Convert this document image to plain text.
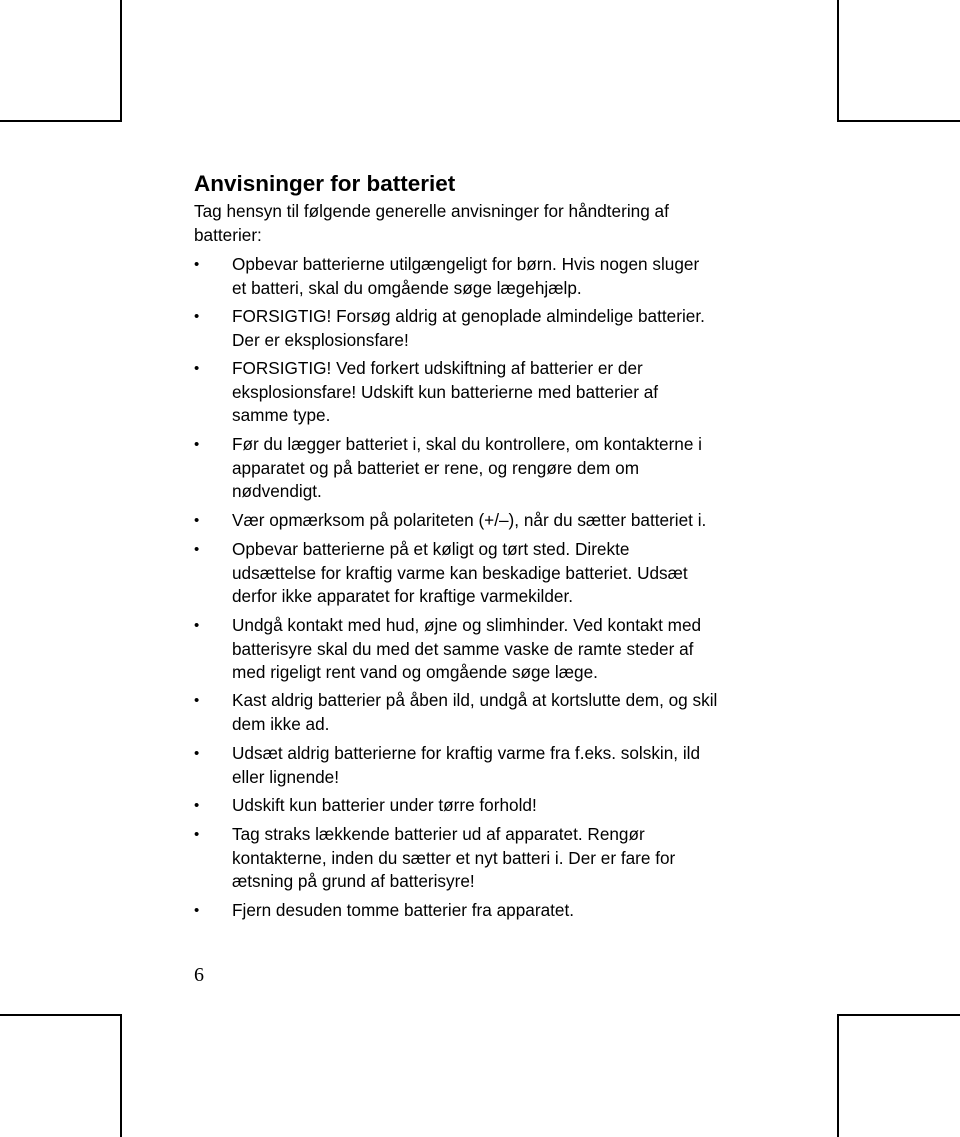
Anvisninger for batteriet
Tag hensyn til følgende generelle anvisninger for håndtering af
batterier:
•	Opbevar batterierne utilgængeligt for børn. Hvis nogen sluger
et batteri, skal du omgående søge lægehjælp.
•	FORSIGTIG! Forsøg aldrig at genoplade almindelige batterier.
Der er eksplosionsfare!
•	FORSIGTIG! Ved forkert udskiftning af batterier er der
eksplosionsfare! Udskift kun batterierne med batterier af
samme type.
•	Før du lægger batteriet i, skal du kontrollere, om kontakterne i
apparatet og på batteriet er rene, og rengøre dem om
nødvendigt.
•	Vær opmærksom på polariteten (+/–), når du sætter batteriet i.
•	Opbevar batterierne på et køligt og tørt sted. Direkte
udsættelse for kraftig varme kan beskadige batteriet. Udsæt
derfor ikke apparatet for kraftige varmekilder.
•	Undgå kontakt med hud, øjne og slimhinder. Ved kontakt med
batterisyre skal du med det samme vaske de ramte steder af
med rigeligt rent vand og omgående søge læge.
•	Kast aldrig batterier på åben ild, undgå at kortslutte dem, og skil
dem ikke ad.
•	Udsæt aldrig batterierne for kraftig varme fra f.eks. solskin, ild
eller lignende!
•	Udskift kun batterier under tørre forhold!
•	Tag straks lækkende batterier ud af apparatet. Rengør
kontakterne, inden du sætter et nyt batteri i. Der er fare for
ætsning på grund af batterisyre!
•	Fjern desuden tomme batterier fra apparatet.
6
